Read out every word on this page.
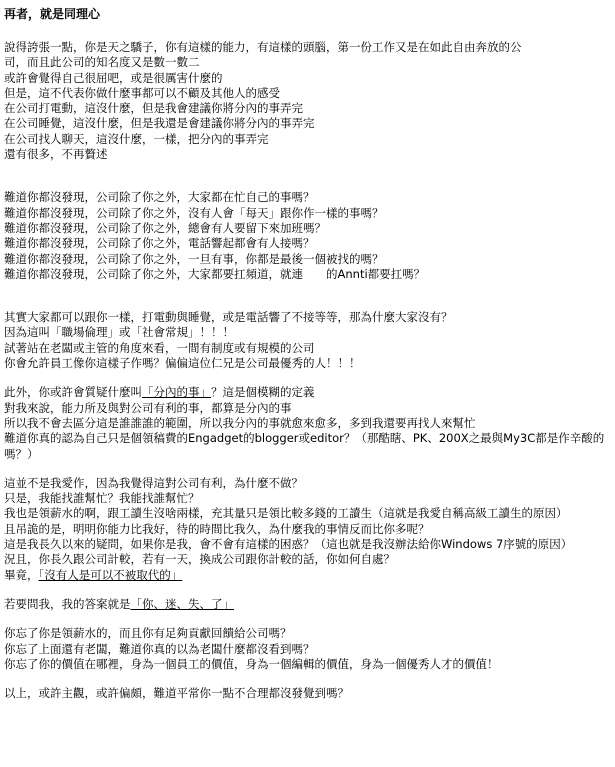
再者，就是同理心

說得誇張一點，你是天之驕子，你有這樣的能力，有這樣的頭腦，第一份工作又是在如此自由奔放的公

司，而且此公司的知名度又是數一數二

或許會覺得自己很屈吧，或是很厲害什麼的

但是，這不代表你做什麼事都可以不顧及其他人的感受

在公司打電動，這沒什麼，但是我會建議你將分內的事弄完

在公司睡覺，這沒什麼，但是我還是會建議你將分內的事弄完

在公司找人聊天，這沒什麼，一樣，把分內的事弄完

還有很多，不再贅述

難道你都沒發現，公司除了你之外，大家都在忙自己的事嗎？

難道你都沒發現，公司除了你之外，沒有人會「每天」跟你作一樣的事嗎？

難道你都沒發現，公司除了你之外，總會有人要留下來加班嗎？

難道你都沒發現，公司除了你之外，電話響起都會有人接嗎？

難道你都沒發現，公司除了你之外，一旦有事，你都是最後一個被找的嗎？

難道你都沒發現，公司除了你之外，大家都要扛頻道，就連　　的Annti都要扛嗎？

其實大家都可以跟你一樣，打電動與睡覺，或是電話響了不接等等，那為什麼大家沒有？

因為這叫「職場倫理」或「社會常規」！！！

試著站在老闆或主管的角度來看，一間有制度或有規模的公司

你會允許員工像你這樣子作嗎？偏偏這位仁兄是公司最優秀的人！！！

此外，你或許會質疑什麼叫「分內的事」？這是個模糊的定義

對我來說，能力所及與對公司有利的事，都算是分內的事

所以我不會去區分這是誰誰誰的範圍，所以我分內的事就愈來愈多，多到我還要再找人來幫忙

難道你真的認為自己只是個領稿費的Engadget的blogger或editor？（那酷瞎、PK、200X之最與My3C都是作辛酸的嗎？）

這並不是我愛作，因為我覺得這對公司有利，為什麼不做？

只是，我能找誰幫忙？我能找誰幫忙？

我也是領薪水的啊，跟工讀生沒啥兩樣，充其量只是領比較多錢的工讀生（這就是我愛自稱高級工讀生的原因）

且吊詭的是，明明你能力比我好，待的時間比我久，為什麼我的事情反而比你多呢？

這是我長久以來的疑問，如果你是我，會不會有這樣的困惑？（這也就是我沒辦法給你Windows 7序號的原因）

況且，你長久跟公司計較，若有一天，換成公司跟你計較的話，你如何自處？

畢竟，「沒有人是可以不被取代的」

若要問我，我的答案就是「你、迷、失、了」

你忘了你是領薪水的，而且你有足夠貢獻回饋給公司嗎？

你忘了上面還有老闆，難道你真的以為老闆什麼都沒看到嗎？

你忘了你的價值在哪裡，身為一個員工的價值，身為一個編輯的價值，身為一個優秀人才的價值！

以上，或許主觀，或許偏頗，難道平常你一點不合理都沒發覺到嗎？
